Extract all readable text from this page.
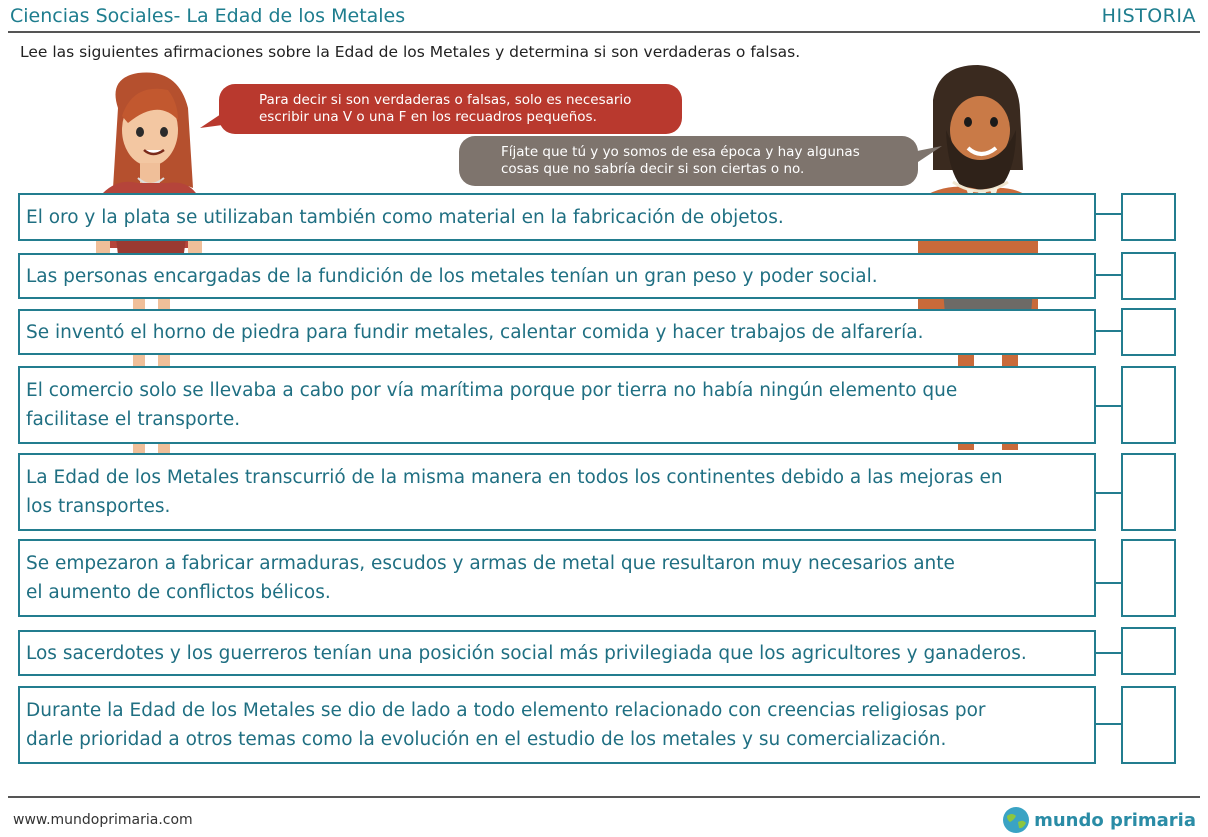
Ciencias Sociales- La Edad de los Metales	HISTORIA
Lee las siguientes afirmaciones sobre la Edad de los Metales y determina si son verdaderas o falsas.
Para decir si son verdaderas o falsas, solo es necesario
escribir una V o una F en los recuadros pequeños.
Fíjate que tú y yo somos de esa época y hay algunas
cosas que no sabría decir si son ciertas o no.
El oro y la plata se utilizaban también como material en la fabricación de objetos.
Las personas encargadas de la fundición de los metales tenían un gran peso y poder social.
Se inventó el horno de piedra para fundir metales, calentar comida y hacer trabajos de alfarería.
El comercio solo se llevaba a cabo por vía marítima porque por tierra no había ningún elemento que
facilitase el transporte.
La Edad de los Metales transcurrió de la misma manera en todos los continentes debido a las mejoras en
los transportes.
Se empezaron a fabricar armaduras, escudos y armas de metal que resultaron muy necesarios ante
el aumento de conflictos bélicos.
Los sacerdotes y los guerreros tenían una posición social más privilegiada que los agricultores y ganaderos.
Durante la Edad de los Metales se dio de lado a todo elemento relacionado con creencias religiosas por
darle prioridad a otros temas como la evolución en el estudio de los metales y su comercialización.
www.mundoprimaria.com	mundo primaria
